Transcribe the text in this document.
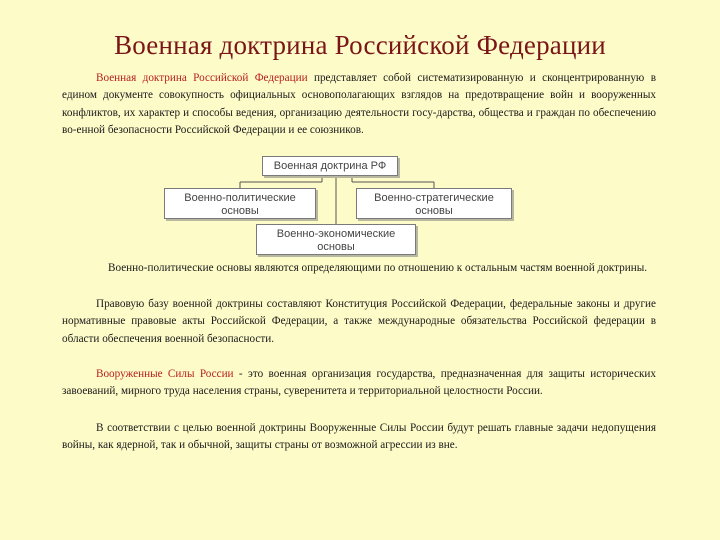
Военная доктрина Российской Федерации
Военная доктрина Российской Федерации представляет собой систематизированную и сконцентрированную в едином документе совокупность официальных основополагающих взглядов на предотвращение войн и вооруженных конфликтов, их характер и способы ведения, организацию деятельности госу-дарства, общества и граждан по обеспечению во-енной безопасности Российской Федерации и ее союзников.
Военная доктрина РФ
Военно-политические основы
Военно-стратегические основы
Военно-экономические основы
Военно-политические основы являются определяющими по отношению к остальным частям военной доктрины.
Правовую базу военной доктрины составляют Конституция Российской Федерации, федеральные законы и другие нормативные правовые акты Российской Федерации, а также международные обязательства Российской федерации в области обеспечения военной безопасности.
Вооруженные Силы России - это военная организация государства, предназначенная для защиты исторических завоеваний, мирного труда населения страны, суверенитета и территориальной целостности России.
В соответствии с целью военной доктрины Вооруженные Силы России будут решать главные задачи недопущения войны, как ядерной, так и обычной, защиты страны от возможной агрессии из вне.
